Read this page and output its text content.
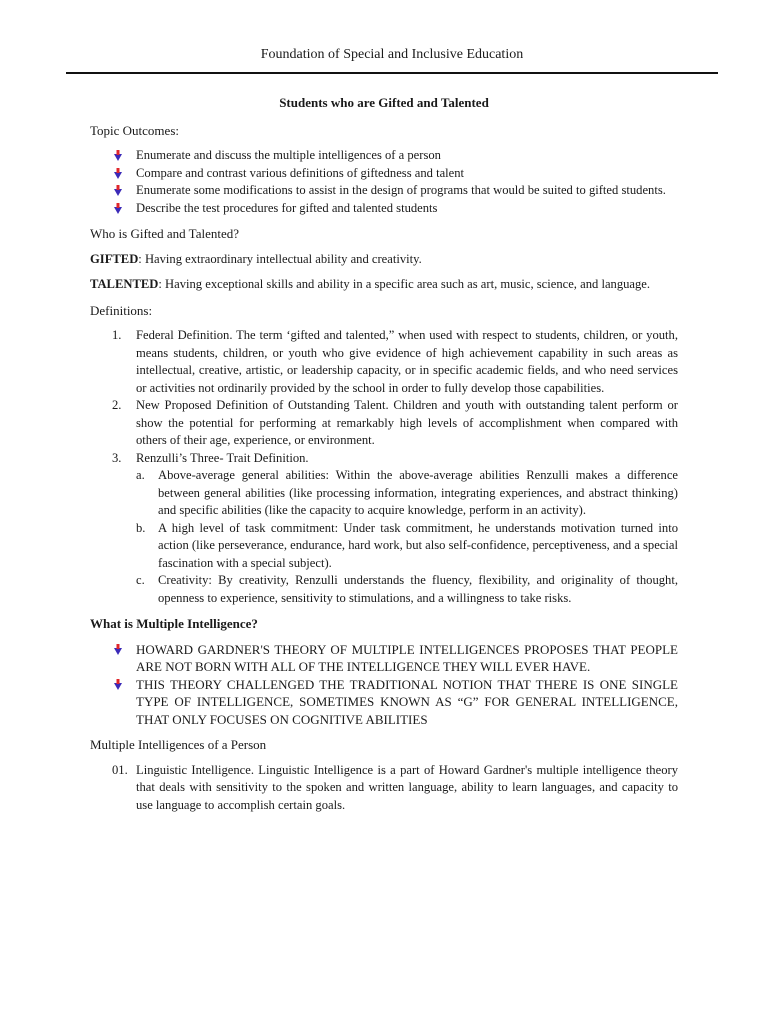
Foundation of Special and Inclusive Education
Students who are Gifted and Talented
Topic Outcomes:
Enumerate and discuss the multiple intelligences of a person
Compare and contrast various definitions of giftedness and talent
Enumerate some modifications to assist in the design of programs that would be suited to gifted students.
Describe the test procedures for gifted and talented students
Who is Gifted and Talented?

GIFTED: Having extraordinary intellectual ability and creativity.

TALENTED: Having exceptional skills and ability in a specific area such as art, music, science, and language.

Definitions:
1. Federal Definition. The term ‘gifted and talented,” when used with respect to students, children, or youth, means students, children, or youth who give evidence of high achievement capability in such areas as intellectual, creative, artistic, or leadership capacity, or in specific academic fields, and who need services or activities not ordinarily provided by the school in order to fully develop those capabilities.
2. New Proposed Definition of Outstanding Talent. Children and youth with outstanding talent perform or show the potential for performing at remarkably high levels of accomplishment when compared with others of their age, experience, or environment.
3. Renzulli’s Three- Trait Definition.
a. Above-average general abilities: Within the above-average abilities Renzulli makes a difference between general abilities (like processing information, integrating experiences, and abstract thinking) and specific abilities (like the capacity to acquire knowledge, perform in an activity).
b. A high level of task commitment: Under task commitment, he understands motivation turned into action (like perseverance, endurance, hard work, but also self-confidence, perceptiveness, and a special fascination with a special subject).
c. Creativity: By creativity, Renzulli understands the fluency, flexibility, and originality of thought, openness to experience, sensitivity to stimulations, and a willingness to take risks.
What is Multiple Intelligence?
HOWARD GARDNER'S THEORY OF MULTIPLE INTELLIGENCES PROPOSES THAT PEOPLE ARE NOT BORN WITH ALL OF THE INTELLIGENCE THEY WILL EVER HAVE.
THIS THEORY CHALLENGED THE TRADITIONAL NOTION THAT THERE IS ONE SINGLE TYPE OF INTELLIGENCE, SOMETIMES KNOWN AS “G” FOR GENERAL INTELLIGENCE, THAT ONLY FOCUSES ON COGNITIVE ABILITIES
Multiple Intelligences of a Person
01. Linguistic Intelligence. Linguistic Intelligence is a part of Howard Gardner's multiple intelligence theory that deals with sensitivity to the spoken and written language, ability to learn languages, and capacity to use language to accomplish certain goals.
